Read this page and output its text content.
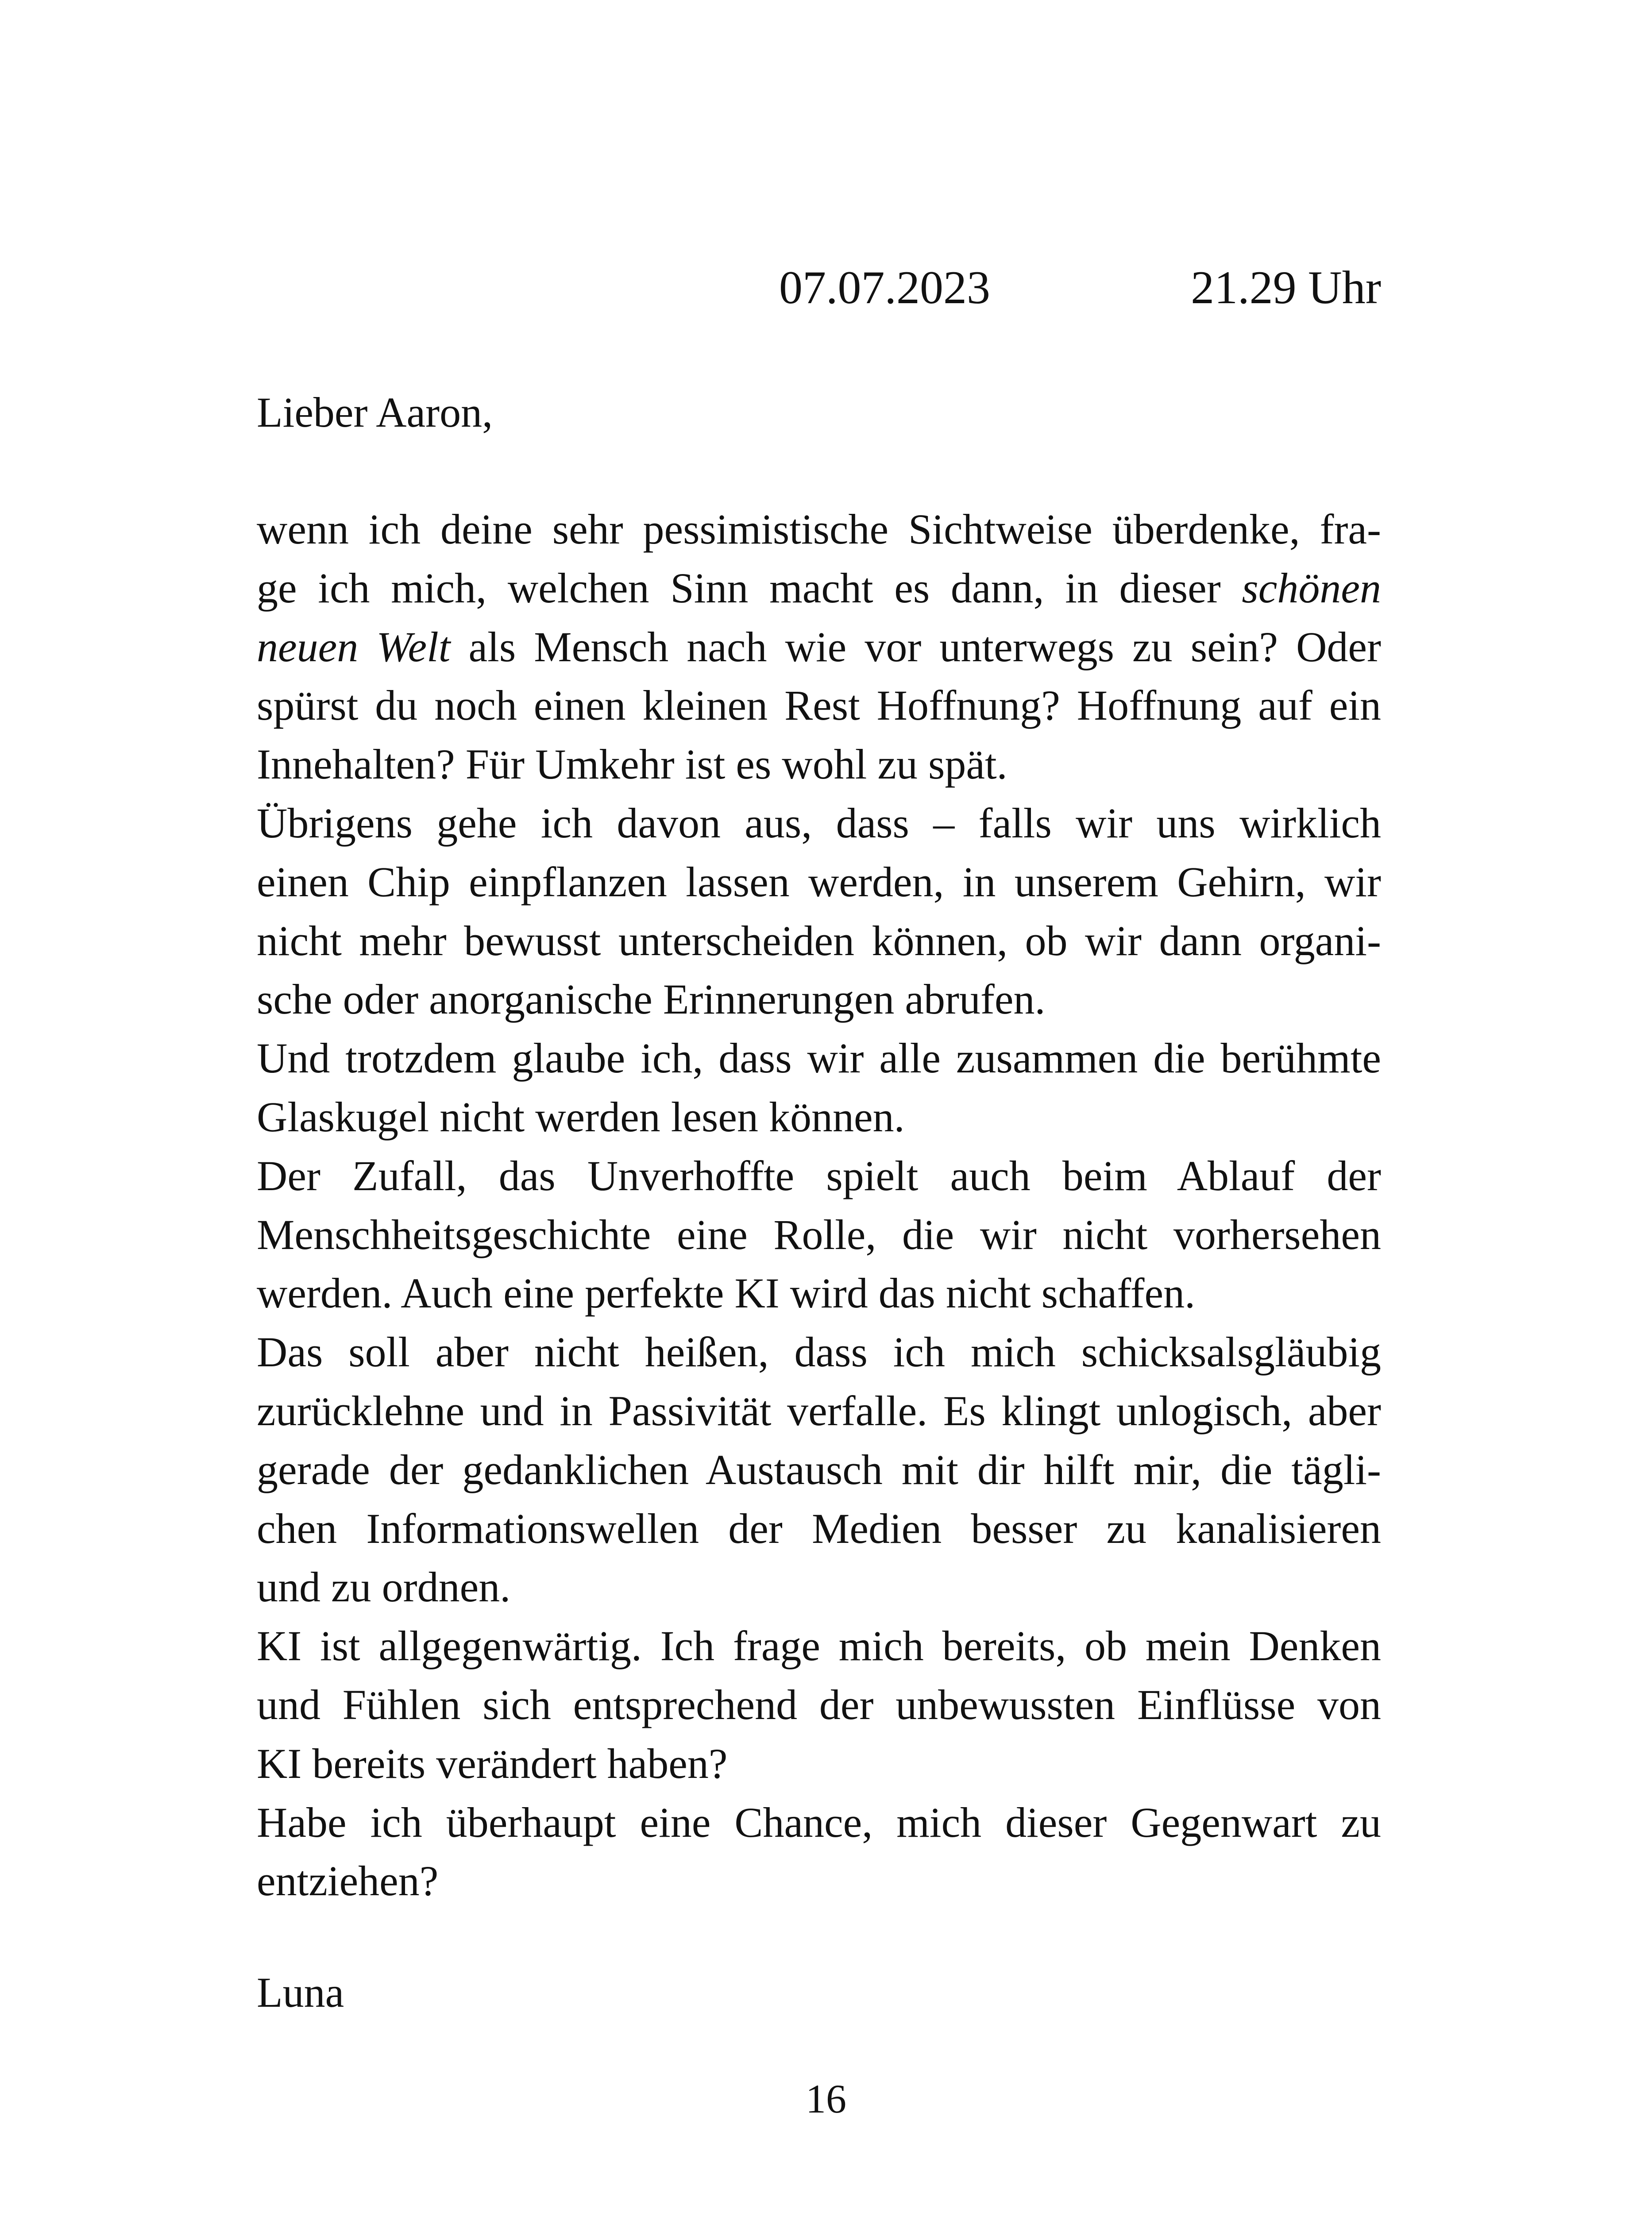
07.07.2023	21.29 Uhr
Lieber Aaron,
wenn ich deine sehr pessimistische Sichtweise überdenke, fra-
ge ich mich, welchen Sinn macht es dann, in dieser schönen
neuen Welt als Mensch nach wie vor unterwegs zu sein? Oder
spürst du noch einen kleinen Rest Hoffnung? Hoffnung auf ein
Innehalten? Für Umkehr ist es wohl zu spät.
Übrigens gehe ich davon aus, dass – falls wir uns wirklich
einen Chip einpflanzen lassen werden, in unserem Gehirn, wir
nicht mehr bewusst unterscheiden können, ob wir dann organi-
sche oder anorganische Erinnerungen abrufen.
Und trotzdem glaube ich, dass wir alle zusammen die berühmte
Glaskugel nicht werden lesen können.
Der Zufall, das Unverhoffte spielt auch beim Ablauf der
Menschheitsgeschichte eine Rolle, die wir nicht vorhersehen
werden. Auch eine perfekte KI wird das nicht schaffen.
Das soll aber nicht heißen, dass ich mich schicksalsgläubig
zurücklehne und in Passivität verfalle. Es klingt unlogisch, aber
gerade der gedanklichen Austausch mit dir hilft mir, die tägli-
chen Informationswellen der Medien besser zu kanalisieren
und zu ordnen.
KI ist allgegenwärtig. Ich frage mich bereits, ob mein Denken
und Fühlen sich entsprechend der unbewussten Einflüsse von
KI bereits verändert haben?
Habe ich überhaupt eine Chance, mich dieser Gegenwart zu
entziehen?
Luna
16
